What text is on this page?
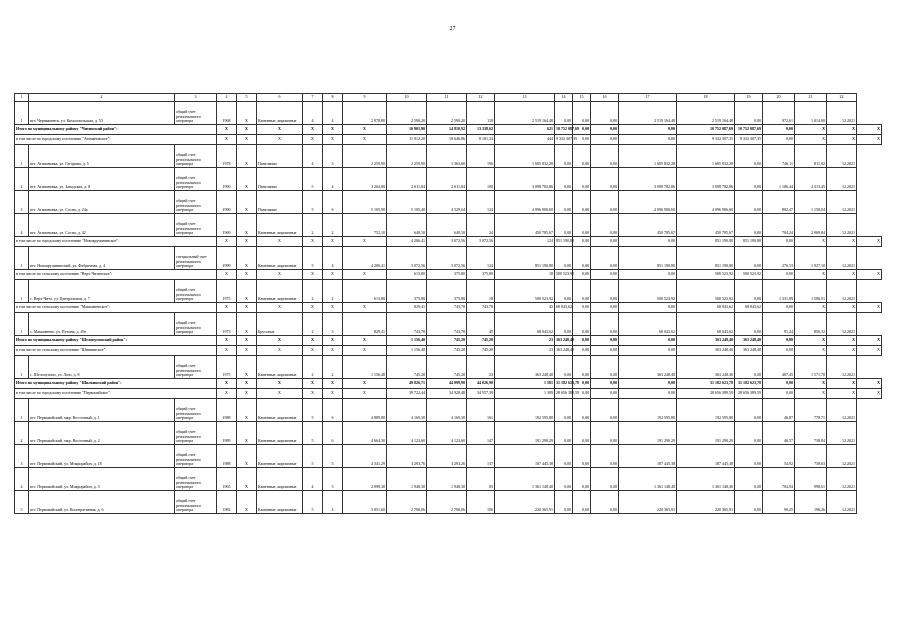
27
1	2	3	4	5	6	7	8	9	10	11	12	13	14	15	16	17	18	19	20	21	22	
1	пгт. Чернышевск, ул. Комсомольская, д. 53	общий счет регионального оператора	1968	X	Каменные, кирпичные	4	4	2 878,80	2 590,20	2 590,20	118	2 519 164,48	0,00	0,00	0,00	2 519 164,48	2 519 164,48	0,00	972,61	1 014,00	12.2021	
Итого по муниципальному району "Читинский район":			X	X	X	X	X	X	16 901,90	14 810,92	13 338,62	621	10 752 087,69	0,00	0,00	0,00	10 752 087,69	10 752 087,69	0,00	X	X	X
в том числе по городскому поселению "Атамановское":			X	X	X	X	X	X	11 912,20	10 646,86	8 101,34	444	9 332 307,35	0,00	0,00	0,00	9 332 307,35	9 332 307,35	0,00	X	X	X
1	пгт. Атамановка, ул. Гагарина, д. 5	общий счет регионального оператора	1978	X	Панельные	4	3	2 259,90	2 259,90	1 363,60	196	1 685 832,28	0,00	0,00	0,00	1 685 832,28	1 685 832,28	0,00	746,11	811,82	12.2021	
2	пгт. Атамановка, ул. Заводская, д. 8	общий счет регионального оператора	1990	X	Панельные	5	4	3 204,80	2 611,84	2 611,84	100	3 098 782,86	0,00	0,00	0,00	3 098 782,86	3 098 782,86	0,00	1 186,44	2 313,45	12.2021	
3	пгт. Атамановка, ул. Сосна, д. 24а	общий счет регионального оператора	1990	X	Панельные	5	6	5 105,90	5 105,40	4 529,64	124	4 096 906,60	0,00	0,00	0,00	4 096 906,60	4 096 906,60	0,00	802,47	1 158,04	12.2021	
4	пгт. Атамановка, ул. Сосна, д. 42	общий счет регионального оператора	1969	X	Каменные, кирпичные	2	2	752,10	640,10	640,10	24	450 785,67	0,00	0,00	0,00	450 785,67	450 785,67	0,00	704,24	2 069,84	12.2021	
в том числе по городскому поселению "Новокручининское":			X	X	X	X	X	X	4 206,41	3 072,56	3 072,56	124	851 190,80	0,00	0,00	0,00	851 190,80	851 190,80	0,00	X	X	X
1	пгт. Новокручининский, ул. Фабричная, д. 4	специальный счет регионального оператора	1999	X	Каменные, кирпичные	5	4	4 206,41	3 072,56	3 072,56	124	851 190,80	0,00	0,00	0,00	851 190,80	851 190,80	0,00	276,53	1 927,10	12.2021	
в том числе по сельскому поселению "Верх-Читинское":			X	X	X	X	X	X	613,80	375,80	375,80	18	500 523,92	0,00	0,00	0,00	500 523,92	500 523,92	0,00	X	X	X
1	с. Верх-Чита, ул. Центральная, д. 7	общий счет регионального оператора	1975	X	Каменные, кирпичные	2	2	613,80	375,80	375,80	18	500 523,92	0,00	0,00	0,00	500 523,92	500 523,92	0,00	1 331,89	1 586,51	12.2021	
в том числе по сельскому поселению "Маккавеевское":			X	X	X	X	X	X	829,41	743,78	743,78	45	68 043,62	0,00	0,00	0,00	68 043,62	68 043,62	0,00	X	X	X
1	с. Маккавеево, ул. Путина, д. 49е	общий счет регионального оператора	1973	X	Брусовые	2	3	829,41	743,78	743,78	45	68 043,62	0,00	0,00	0,00	68 043,62	68 043,62	0,00	91,24	856,32	12.2021	
Итого по муниципальному району "Шелопугинский район":			X	X	X	X	X	X	1 156,40	745,20	745,20	23	363 248,40	0,00	0,00	0,00	363 248,40	363 248,40	0,00	X	X	X
в том числе по сельскому поселению "Шивиинское":			X	X	X	X	X	X	1 156,40	745,20	745,20	23	363 248,40	0,00	0,00	0,00	363 248,40	363 248,40	0,00	X	X	X
1	с. Шелопугино, ул. Лазо, д. 8	общий счет регионального оператора	1975	X	Каменные, кирпичные	2	2	1 156,40	745,20	745,20	23	363 248,40	0,00	0,00	0,00	363 248,40	363 248,40	0,00	487,45	1 571,70	12.2021	
Итого по муниципальному району "Шилкинский район":			X	X	X	X	X	X	49 826,71	44 099,90	44 026,90	1 581	31 182 623,78	0,00	0,00	0,00	31 182 623,78	31 182 623,78	0,00	X	X	X
в том числе по городскому поселению "Первомайское":			X	X	X	X	X	X	39 722,44	34 920,48	34 557,39	1 309	28 656 389,59	0,00	0,00	0,00	28 656 389,59	28 656 389,59	0,00	X	X	X
1	пгт. Первомайский, мкр. Восточный, д. 1	общий счет регионального оператора	1988	X	Каменные, кирпичные	5	6	4 889,80	4 169,30	4 169,30	161	192 595,80	0,00	0,00	0,00	192 595,80	192 595,80	0,00	46,87	778,71	12.2021	
2	пгт. Первомайский, мкр. Восточный, д. 2	общий счет регионального оператора	1989	X	Каменные, кирпичные	5	6	4 664,30	4 123,60	4 123,60	147	191 290,29	0,00	0,00	0,00	191 290,29	191 290,29	0,00	46,57	738,84	12.2021	
3	пгт. Первомайский, ул. Микрорайон, д. 18	общий счет регионального оператора	1988	X	Каменные, кирпичные	5	5	4 341,29	3 293,76	3 293,26	137	187 445,38	0,00	0,00	0,00	187 445,38	187 445,38	0,00	54,92	738,63	12.2021	
4	пгт. Первомайский, ул. Микрорайон, д. 3	общий счет регионального оператора	1965	X	Каменные, кирпичные	4	3	2 098,30	1 948,30	1 948,30	83	1 361 148,40	0,00	0,00	0,00	1 361 148,40	1 361 148,40	0,00	704,04	998,61	12.2021	
5	пгт. Первомайский, ул. Кооперативная, д. 6	общий счет регионального оператора	1982	X	Каменные, кирпичные	5	4	3 051,60	2 706,06	2 706,06	106	220 365,91	0,00	0,00	0,00	220 365,91	220 365,91	0,00	90,25	196,26	12.2021	
